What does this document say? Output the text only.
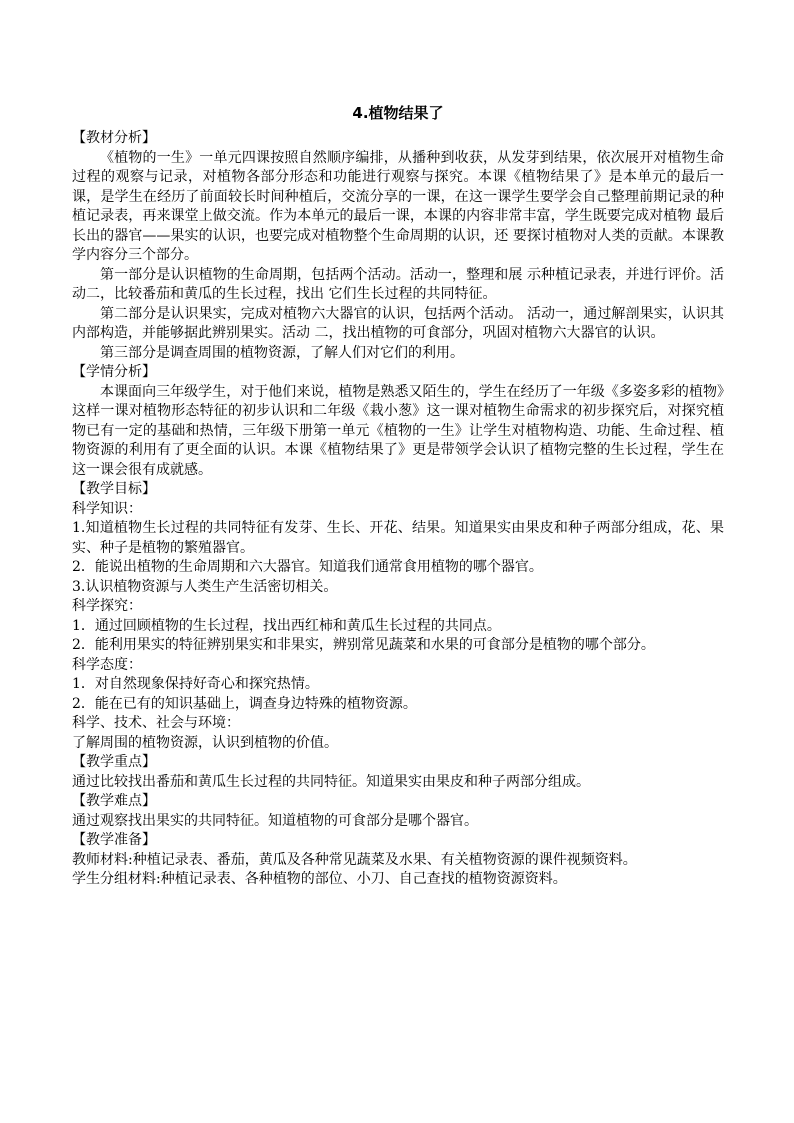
4.植物结果了

【教材分析】

《植物的一生》一单元四课按照自然顺序编排，从播种到收获，从发芽到结果，依次展开对植物生命过程的观察与记录，对植物各部分形态和功能进行观察与探究。本课《植物结果了》是本单元的最后一课，是学生在经历了前面较长时间种植后，交流分享的一课，在这一课学生要学会自己整理前期记录的种植记录表，再来课堂上做交流。作为本单元的最后一课，本课的内容非常丰富，学生既要完成对植物 最后长出的器官——果实的认识，也要完成对植物整个生命周期的认识，还 要探讨植物对人类的贡献。本课教学内容分三个部分。

第一部分是认识植物的生命周期，包括两个活动。活动一，整理和展 示种植记录表，并进行评价。活动二，比较番茄和黄瓜的生长过程，找出 它们生长过程的共同特征。

第二部分是认识果实，完成对植物六大器官的认识，包括两个活动。 活动一，通过解剖果实，认识其内部构造，并能够据此辨别果实。活动 二，找出植物的可食部分，巩固对植物六大器官的认识。

第三部分是调查周围的植物资源，了解人们对它们的利用。

【学情分析】

本课面向三年级学生，对于他们来说，植物是熟悉又陌生的，学生在经历了一年级《多姿多彩的植物》这样一课对植物形态特征的初步认识和二年级《栽小葱》这一课对植物生命需求的初步探究后，对探究植物已有一定的基础和热情，三年级下册第一单元《植物的一生》让学生对植物构造、功能、生命过程、植物资源的利用有了更全面的认识。本课《植物结果了》更是带领学会认识了植物完整的生长过程，学生在这一课会很有成就感。

【教学目标】

科学知识：

1.知道植物生长过程的共同特征有发芽、生长、开花、结果。知道果实由果皮和种子两部分组成，花、果实、种子是植物的繁殖器官。

2．能说出植物的生命周期和六大器官。知道我们通常食用植物的哪个器官。

3.认识植物资源与人类生产生活密切相关。

科学探究：

1．通过回顾植物的生长过程，找出西红柿和黄瓜生长过程的共同点。

2．能利用果实的特征辨别果实和非果实，辨别常见蔬菜和水果的可食部分是植物的哪个部分。

科学态度：

1．对自然现象保持好奇心和探究热情。

2．能在已有的知识基础上，调查身边特殊的植物资源。

科学、技术、社会与环境：

了解周围的植物资源，认识到植物的价值。

【教学重点】

通过比较找出番茄和黄瓜生长过程的共同特征。知道果实由果皮和种子两部分组成。

【教学难点】

通过观察找出果实的共同特征。知道植物的可食部分是哪个器官。

【教学准备】

教师材料:种植记录表、番茄，黄瓜及各种常见蔬菜及水果、有关植物资源的课件视频资料。

学生分组材料:种植记录表、各种植物的部位、小刀、自己查找的植物资源资料。
